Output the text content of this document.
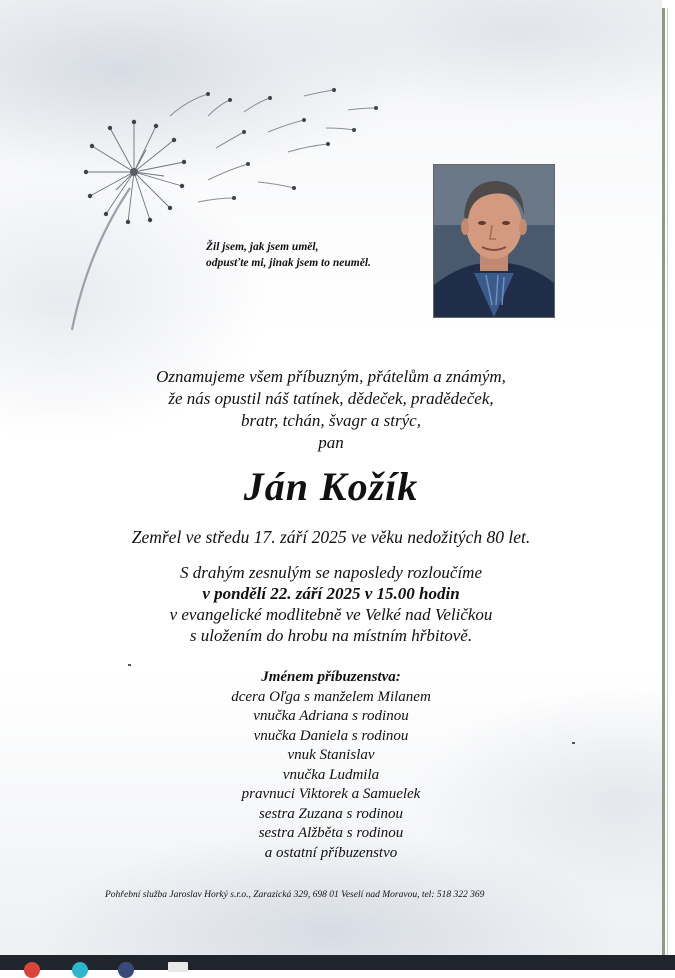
Žil jsem, jak jsem uměl,
odpusťte mi, jinak jsem to neuměl.
Oznamujeme všem příbuzným, přátelům a známým,
že nás opustil náš tatínek, dědeček, pradědeček,
bratr, tchán, švagr a strýc,
pan
Ján Kožík
Zemřel ve středu 17. září 2025 ve věku nedožitých 80 let.
S drahým zesnulým se naposledy rozloučíme
v pondělí 22. září 2025 v 15.00 hodin
v evangelické modlitebně ve Velké nad Veličkou
s uložením do hrobu na místním hřbitově.
Jménem příbuzenstva:
dcera Oľga s manželem Milanem
vnučka Adriana s rodinou
vnučka Daniela s rodinou
vnuk Stanislav
vnučka Ludmila
pravnuci Viktorek a Samuelek
sestra Zuzana s rodinou
sestra Alžběta s rodinou
a ostatní příbuzenstvo
Pohřební služba Jaroslav Horký s.r.o., Zarazická 329, 698 01 Veselí nad Moravou, tel: 518 322 369
